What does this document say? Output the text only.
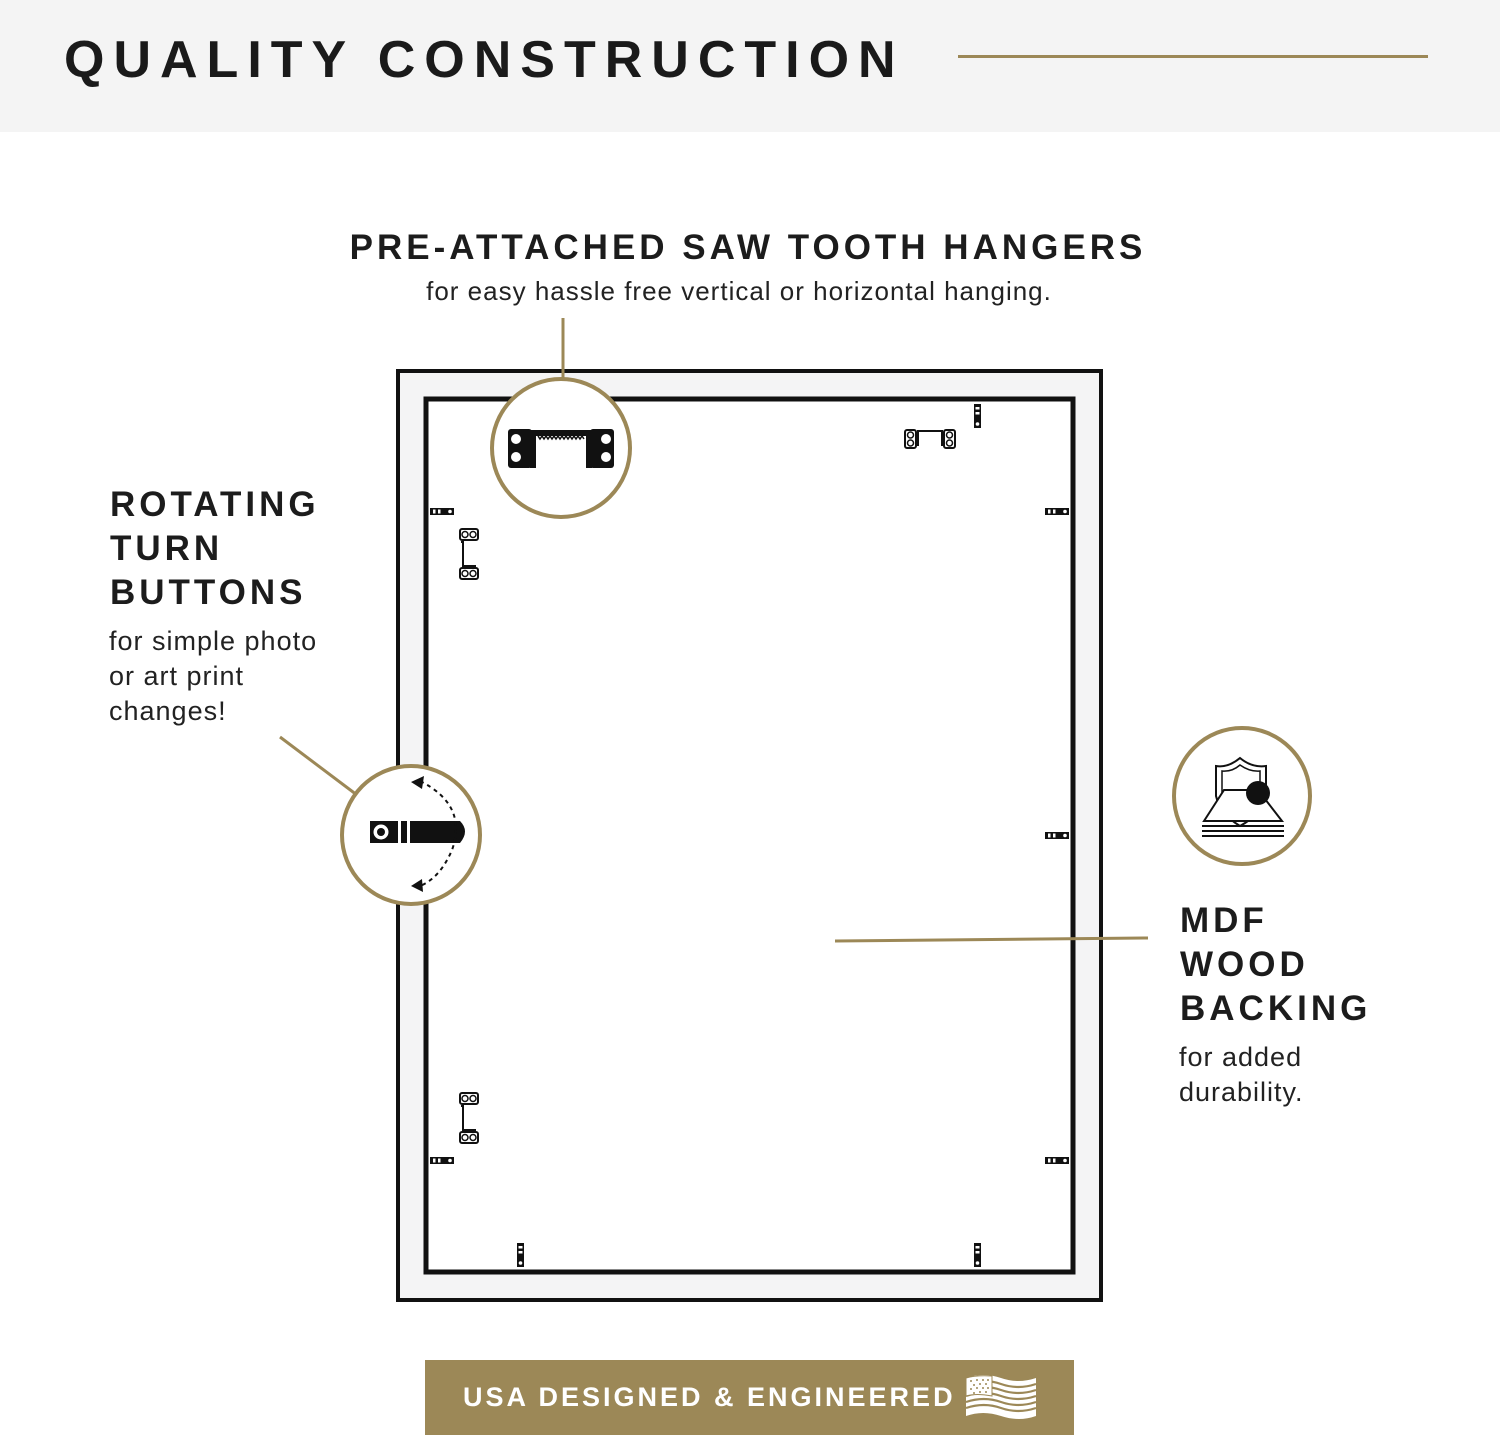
QUALITY CONSTRUCTION
PRE-ATTACHED SAW TOOTH HANGERS
for easy hassle free vertical or horizontal hanging.
ROTATING
TURN
BUTTONS
for simple photo
or art print
changes!
MDF
WOOD
BACKING
for added
durability.
USA DESIGNED & ENGINEERED
